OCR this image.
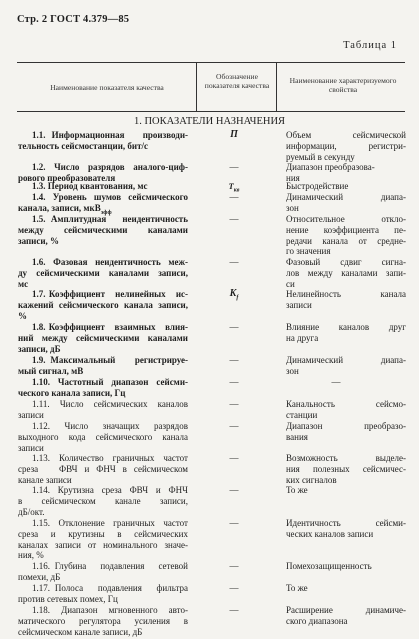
Стр. 2 ГОСТ 4.379—85
Таблица 1
Наименование показателя качества
Обозначение показателя качества
Наименование характеризуемого свойства
1. ПОКАЗАТЕЛИ НАЗНАЧЕНИЯ
1.1. Информационная   производи-
тельность сейсмостанции, бит/с
П	Объем   сейсмической
информации,   регистри-
руемый в секунду
1.2. Число разрядов аналого-циф-
рового преобразователя
—	Диапазон преобразова-
ния
1.3. Период квантования, мс	$T_{кв}$	Быстродействие
1.4. Уровень шумов сейсмического
канала, записи, мкВ$_{эфф}$
—	Динамический   диапа-
зон
1.5. Амплитудная   неидентичность
между сейсмическими каналами
записи, %
—	Относительное   откло-
нение коэффициента пе-
редачи канала от средне-
го значения
1.6. Фазовая неидентичность меж-
ду   сейсмическими   каналами   записи,
мс
—	Фазовый сдвиг сигна-
лов между каналами запи-
си
1.7. Коэффициент   нелинейных   ис-
кажений сейсмического канала записи,
%
$K_f$	Нелинейность   канала
записи
1.8. Коэффициент   взаимных   влия-
ний между сейсмическими каналами
записи, дБ
—	Влияние каналов друг
на друга
1.9. Максимальный    регистрируе-
мый сигнал, мВ
—	Динамический    диапа-
зон
1.10. Частотный диапазон сейсми-
ческого канала записи, Гц
—	—
1.11.   Число   сейсмических   каналов
записи
—	Канальность   сейсмо-
станции
1.12.   Число   значащих   разрядов
выходного кода сейсмического канала
записи
—	Диапазон    преобразо-
вания
1.13. Количество граничных частот
среза   ФВЧ и ФНЧ в сейсмическом
канале записи
—	Возможность выделе-
ния полезных сейсмичес-
ких сигналов
1.14. Крутизна среза ФВЧ и ФНЧ
в    сейсмическом    канале    записи,
дБ/окт.
—	То же
1.15. Отклонение граничных частот
среза и крутизны в сейсмических
каналах записи от номинального значе-
ния, %
—	Идентичность   сейсми-
ческих каналов записи
1.16. Глубина   подавления   сетевой
помехи, дБ
—	Помехозащищенность
1.17. Полоса   подавления   фильтра
против сетевых помех, Гц
—	То же
1.18. Диапазон мгновенного авто-
матического регулятора усиления в
сейсмическом канале записи, дБ
—	Расширение   динамиче-
ского диапазона
